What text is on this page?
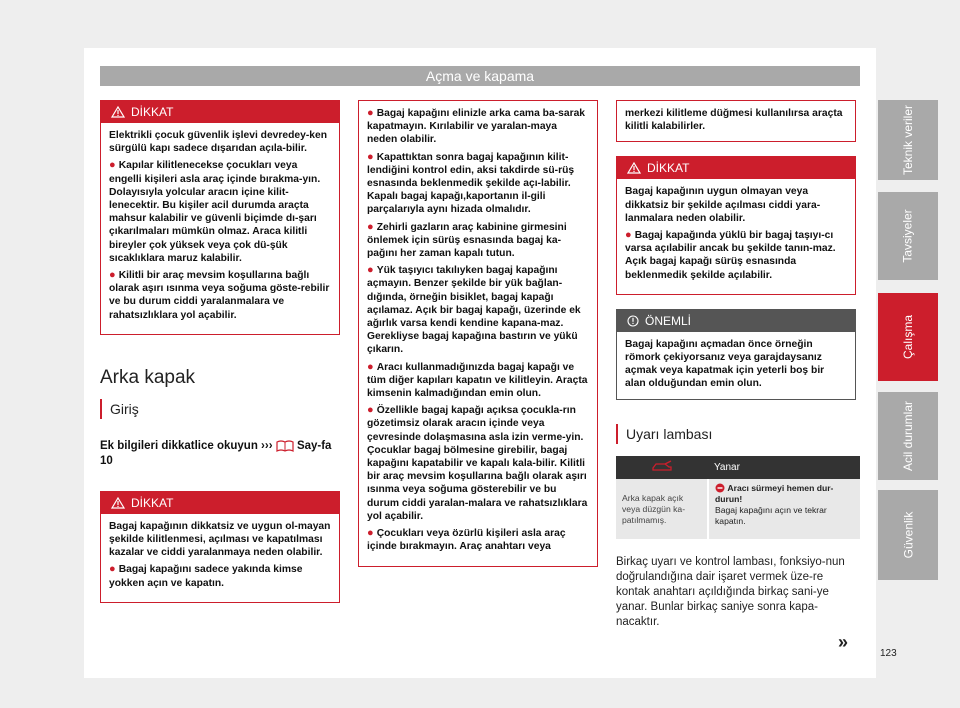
Açma ve kapama
DİKKAT

Elektrikli çocuk güvenlik işlevi devredey-ken sürgülü kapı sadece dışarıdan açıla-bilir.

● Kapılar kilitlenecekse çocukları veya engelli kişileri asla araç içinde bırakma-yın. Dolayısıyla yolcular aracın içine kilit-lenecektir. Bu kişiler acil durumda araçta mahsur kalabilir ve güvenli biçimde dı-şarı çıkarılmaları mümkün olmaz. Araca kilitli bireyler çok yüksek veya çok dü-şük sıcaklıklara maruz kalabilir.

● Kilitli bir araç mevsim koşullarına bağlı olarak aşırı ısınma veya soğuma göste-rebilir ve bu durum ciddi yaralanmalara ve rahatsızlıklara yol açabilir.

Arka kapak
Giriş
Ek bilgileri dikkatlice okuyun ›››  Say-fa 10
DİKKAT

Bagaj kapağının dikkatsiz ve uygun ol-mayan şekilde kilitlenmesi, açılması ve kapatılması kazalar ve ciddi yaralanmaya neden olabilir.

● Bagaj kapağını sadece yakında kimse yokken açın ve kapatın.

● Bagaj kapağını elinizle arka cama ba-sarak kapatmayın. Kırılabilir ve yaralan-maya neden olabilir.

● Kapattıktan sonra bagaj kapağının kilit-lendiğini kontrol edin, aksi takdirde sü-rüş esnasında beklenmedik şekilde açı-labilir. Kapalı bagaj kapağı,kaportanın il-gili parçalarıyla aynı hizada olmalıdır.

● Zehirli gazların araç kabinine girmesini önlemek için sürüş esnasında bagaj ka-pağını her zaman kapalı tutun.

● Yük taşıyıcı takılıyken bagaj kapağını açmayın. Benzer şekilde bir yük bağlan-dığında, örneğin bisiklet, bagaj kapağı açılamaz. Açık bir bagaj kapağı, üzerinde ek ağırlık varsa kendi kendine kapana-maz. Gerekliyse bagaj kapağına bastırın ve yükü çıkarın.

● Aracı kullanmadığınızda bagaj kapağı ve tüm diğer kapıları kapatın ve kilitleyin. Araçta kimsenin kalmadığından emin olun.

● Özellikle bagaj kapağı açıksa çocukla-rın gözetimsiz olarak aracın içinde veya çevresinde dolaşmasına asla izin verme-yin. Çocuklar bagaj bölmesine girebilir, bagaj kapağını kapatabilir ve kapalı kala-bilir. Kilitli bir araç mevsim koşullarına bağlı olarak aşırı ısınma veya soğuma gösterebilir ve bu durum ciddi yaralan-malara ve rahatsızlıklara yol açabilir.

● Çocukları veya özürlü kişileri asla araç içinde bırakmayın. Araç anahtarı veya

merkezi kilitleme düğmesi kullanılırsa araçta kilitli kalabilirler.
DİKKAT

Bagaj kapağının uygun olmayan veya dikkatsiz bir şekilde açılması ciddi yara-lanmalara neden olabilir.

● Bagaj kapağında yüklü bir bagaj taşıyı-cı varsa açılabilir ancak bu şekilde tanın-maz. Açık bagaj kapağı sürüş esnasında beklenmedik şekilde açılabilir.

ÖNEMLİ
Bagaj kapağını açmadan önce örneğin römork çekiyorsanız veya garajdaysanız açmak veya kapatmak için yeterli boş bir alan olduğundan emin olun.
Uyarı lambası
	Yanar
Arka kapak açık veya düzgün ka-patılmamış.	Aracı sürmeyi hemen dur-durun!
Bagaj kapağını açın ve tekrar kapatın.
Birkaç uyarı ve kontrol lambası, fonksiyo-nun doğrulandığına dair işaret vermek üze-re kontak anahtarı açıldığında birkaç sani-ye yanar. Bunlar birkaç saniye sonra kapa-nacaktır.
»
Teknik veriler
Tavsiyeler
Çalışma
Acil durumlar
Güvenlik
123
